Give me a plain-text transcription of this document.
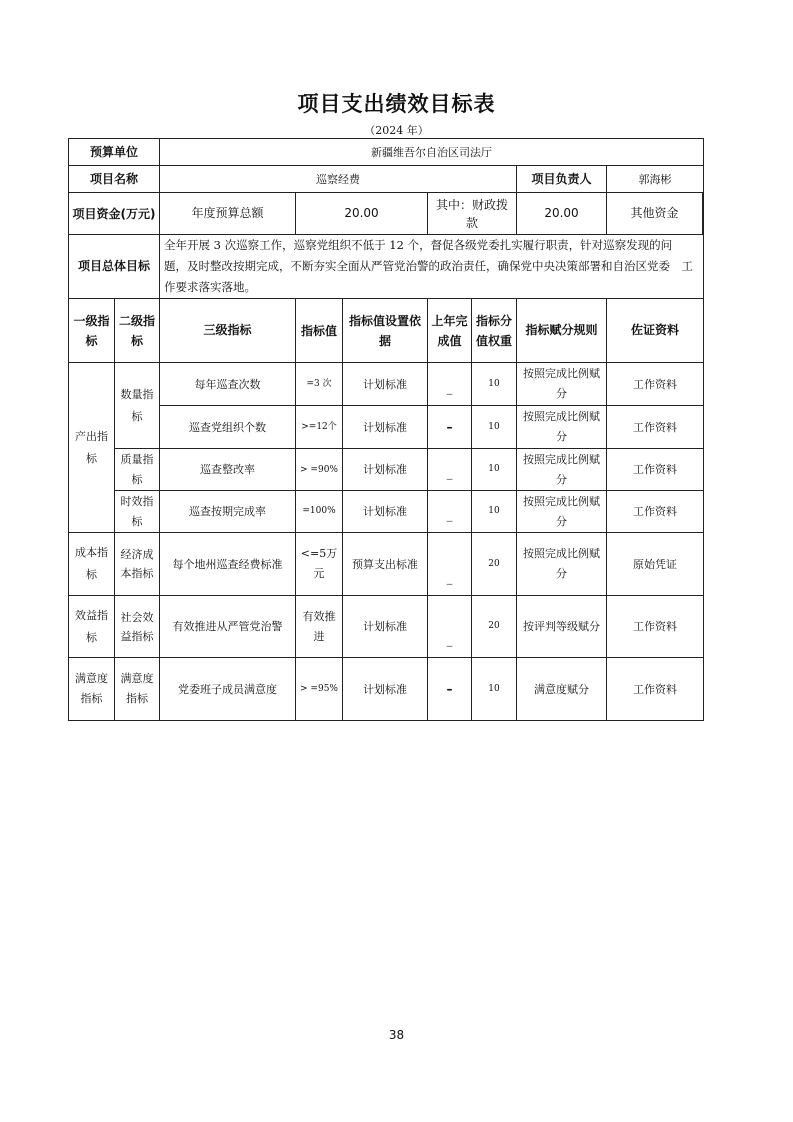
项目支出绩效目标表
（2024 年）
预算单位		新疆维吾尔自治区司法厅						
项目名称		巡察经费					项目负责人	郭海彬
项目资金(万元)		年度预算总额	20.00		其中：财政拨款		20.00	其他资金

项目总体目标		全年开展 3 次巡察工作，巡察党组织不低于 12 个，督促各级党委扎实履行职责，针对巡察发现的问　题，及时整改按期完成，不断夯实全面从严管党治警的政治责任，确保党中央决策部署和自治区党委　工作要求落实落地。						
一级指标	二级指标	三级指标	指标值	指标值设置依据	上年完成值	指标分值权重	指标赋分规则	佐证资料
产出指标	数量指标	每年巡查次数	=3 次	计划标准	_	10	按照完成比例赋分	工作资料
		巡查党组织个数	>=12个	计划标准	–	10	按照完成比例赋分	工作资料
	质量指标	巡查整改率	> =90%	计划标准	_	10	按照完成比例赋分	工作资料
	时效指标	巡查按期完成率	=100%	计划标准	_	10	按照完成比例赋分	工作资料
成本指标	经济成本指标	每个地州巡查经费标准	<=5万元	预算支出标准	_	20	按照完成比例赋分	原始凭证
效益指标	社会效益指标	有效推进从严管党治警	有效推进	计划标准	_	20	按评判等级赋分	工作资料
满意度指标	满意度指标	党委班子成员满意度	> =95%	计划标准	–	10	满意度赋分	工作资料
38
